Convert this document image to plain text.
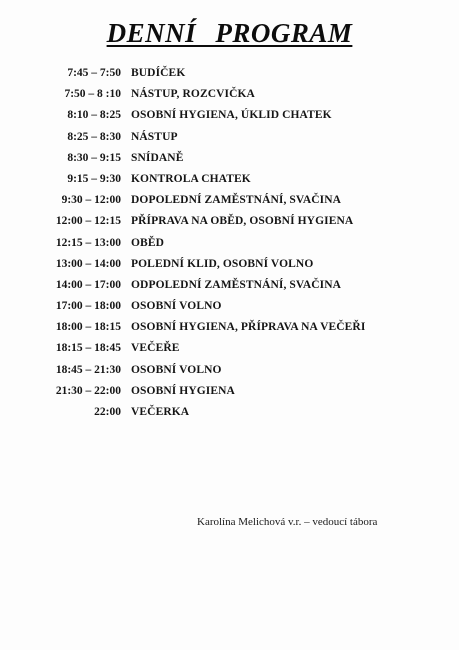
DENNÍ PROGRAM
7:45 – 7:50 BUDÍČEK
7:50 – 8 :10 NÁSTUP, ROZCVIČKA
8:10 – 8:25 OSOBNÍ HYGIENA, ÚKLID CHATEK
8:25 – 8:30 NÁSTUP
8:30 – 9:15 SNÍDANĚ
9:15 – 9:30 KONTROLA CHATEK
9:30 – 12:00 DOPOLEDNÍ ZAMĚSTNÁNÍ, SVAČINA
12:00 – 12:15 PŘÍPRAVA NA OBĚD, OSOBNÍ HYGIENA
12:15 – 13:00 OBĚD
13:00 – 14:00 POLEDNÍ KLID, OSOBNÍ VOLNO
14:00 – 17:00 ODPOLEDNÍ ZAMĚSTNÁNÍ, SVAČINA
17:00 – 18:00 OSOBNÍ VOLNO
18:00 – 18:15 OSOBNÍ HYGIENA, PŘÍPRAVA NA VEČEŘI
18:15 – 18:45 VEČEŘE
18:45 – 21:30 OSOBNÍ VOLNO
21:30 – 22:00 OSOBNÍ HYGIENA
22:00 VEČERKA
Karolína Melichová v.r. – vedoucí tábora
